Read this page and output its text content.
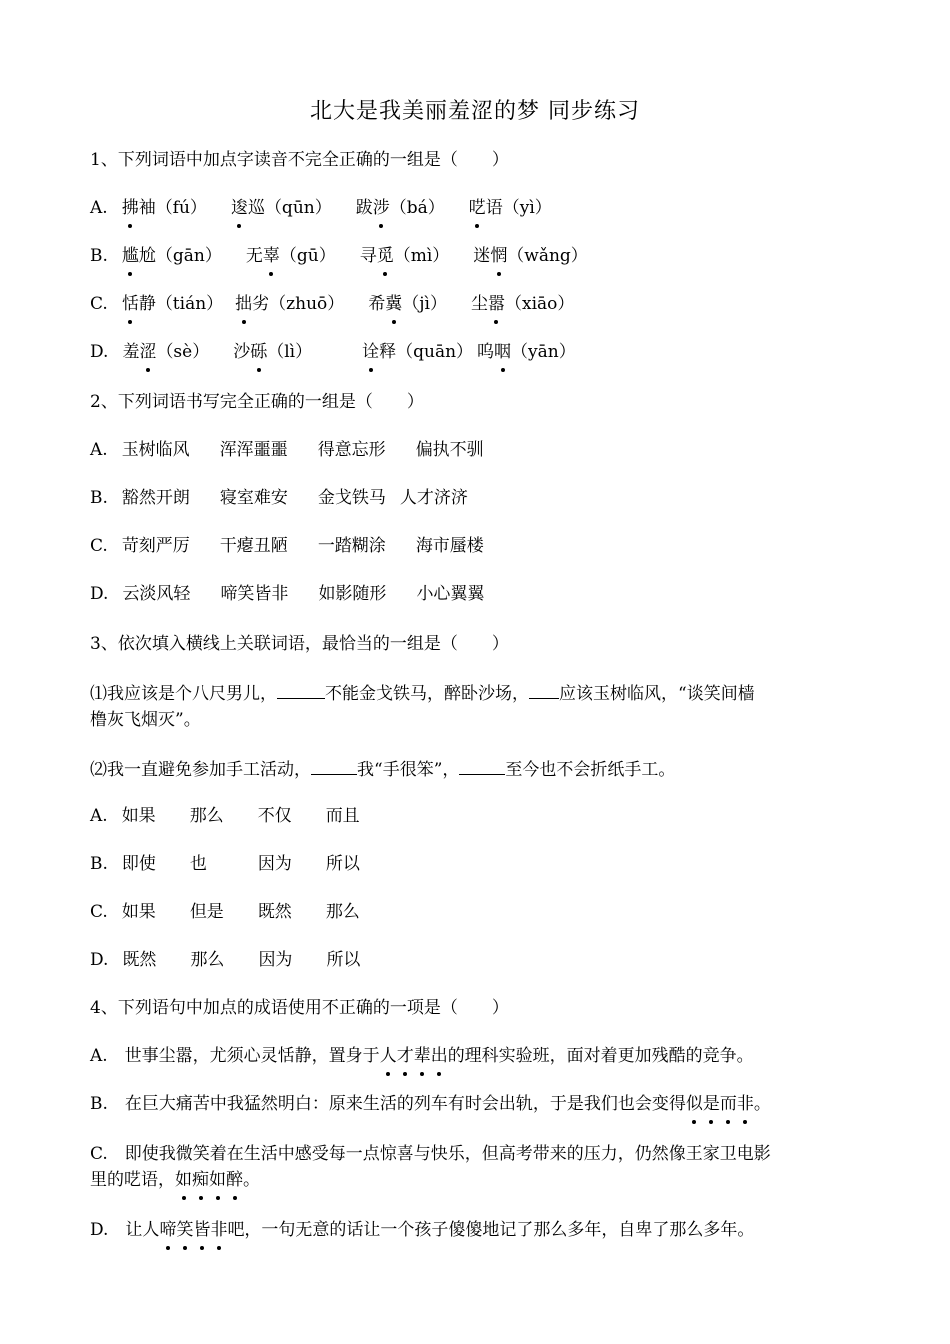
北大是我美丽羞涩的梦 同步练习
1、下列词语中加点字读音不完全正确的一组是（　　）
A. 拂袖（fú） 逡巡（qūn） 跋涉（bá） 呓语（yì）
B. 尴尬（gān） 无辜（gū） 寻觅（mì） 迷惘（wǎng）
C. 恬静（tián） 拙劣（zhuō） 希冀（jì） 尘嚣（xiāo）
D. 羞涩（sè） 沙砾（lì）	诠释（quān） 呜咽（yān）
2、下列词语书写完全正确的一组是（　　）
A. 玉树临风 浑浑噩噩 得意忘形 偏执不驯
B. 豁然开朗 寝室难安 金戈铁马 人才济济
C. 苛刻严厉 干瘪丑陋 一踏糊涂 海市蜃楼
D. 云淡风轻 啼笑皆非 如影随形 小心翼翼
3、依次填入横线上关联词语，最恰当的一组是（　　）
⑴我应该是个八尺男儿，	不能金戈铁马，醉卧沙场， 应该玉树临风，“谈笑间樯
橹灰飞烟灭”。
⑵我一直避免参加手工活动，	我“手很笨”，	至今也不会折纸手工。
A. 如果 那么 不仅 而且
B. 即使 也	因为 所以
C. 如果 但是 既然 那么
D. 既然 那么 因为 所以
4、下列语句中加点的成语使用不正确的一项是（　　）
A.　世事尘嚣，尤须心灵恬静，置身于人才辈出的理科实验班，面对着更加残酷的竞争。
B.　在巨大痛苦中我猛然明白：原来生活的列车有时会出轨，于是我们也会变得似是而非。
C.　即使我微笑着在生活中感受每一点惊喜与快乐，但高考带来的压力，仍然像王家卫电影
里的呓语，如痴如醉。
D.　让人啼笑皆非吧，一句无意的话让一个孩子傻傻地记了那么多年，自卑了那么多年。
